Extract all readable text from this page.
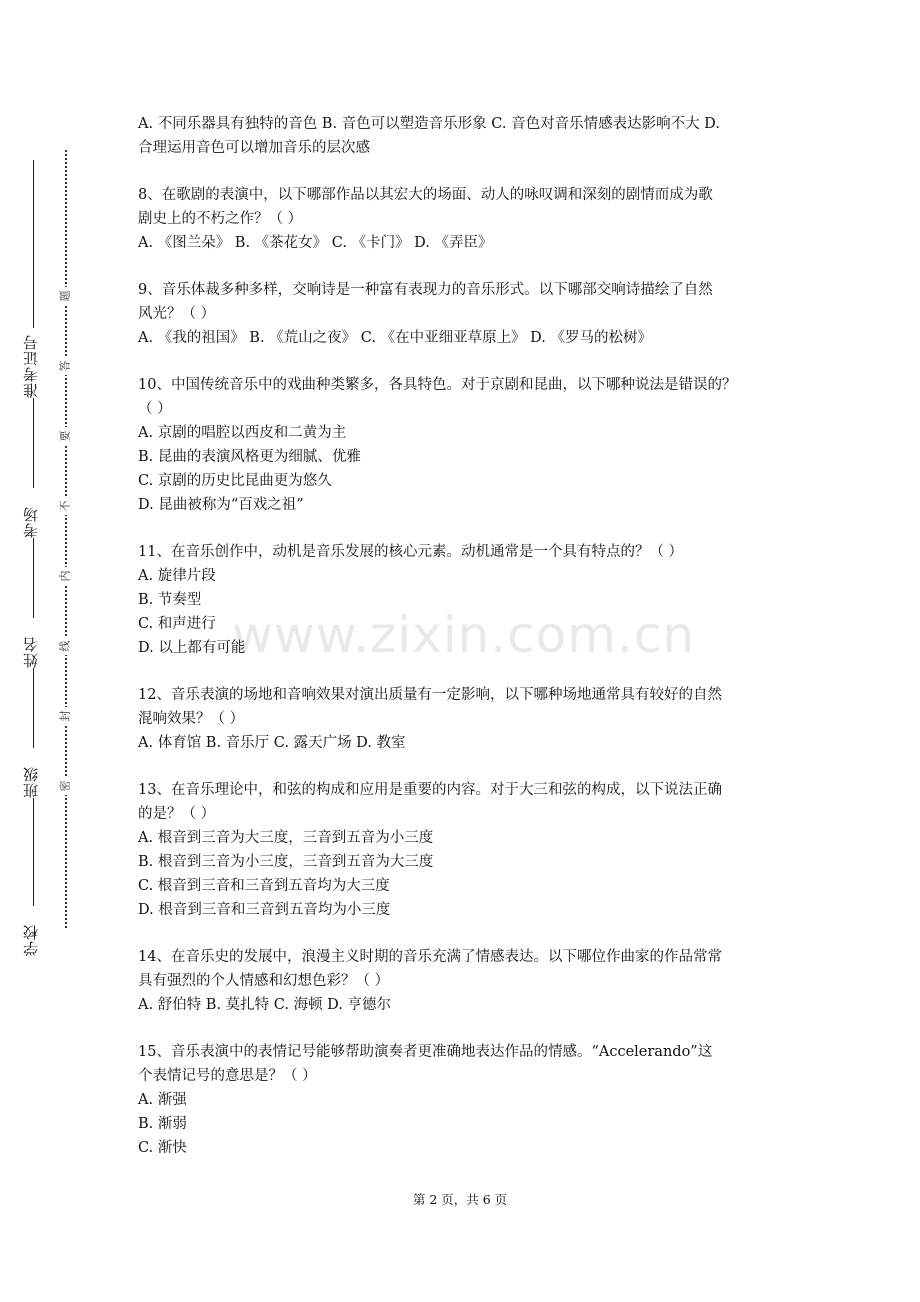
准考证号
考场
姓名
班级
学校
题
答
要
不
内
线
封
密
www.zixin.com.cn
A. 不同乐器具有独特的音色 B. 音色可以塑造音乐形象 C. 音色对音乐情感表达影响不大 D.
合理运用音色可以增加音乐的层次感
8、在歌剧的表演中，以下哪部作品以其宏大的场面、动人的咏叹调和深刻的剧情而成为歌
剧史上的不朽之作？（ ）
A. 《图兰朵》 B. 《茶花女》 C. 《卡门》 D. 《弄臣》
9、音乐体裁多种多样，交响诗是一种富有表现力的音乐形式。以下哪部交响诗描绘了自然
风光？（ ）
A. 《我的祖国》 B. 《荒山之夜》 C. 《在中亚细亚草原上》 D. 《罗马的松树》
10、中国传统音乐中的戏曲种类繁多，各具特色。对于京剧和昆曲，以下哪种说法是错误的？
（ ）
A. 京剧的唱腔以西皮和二黄为主
B. 昆曲的表演风格更为细腻、优雅
C. 京剧的历史比昆曲更为悠久
D. 昆曲被称为“百戏之祖”
11、在音乐创作中，动机是音乐发展的核心元素。动机通常是一个具有特点的？（ ）
A. 旋律片段
B. 节奏型
C. 和声进行
D. 以上都有可能
12、音乐表演的场地和音响效果对演出质量有一定影响，以下哪种场地通常具有较好的自然
混响效果？（ ）
A. 体育馆 B. 音乐厅 C. 露天广场 D. 教室
13、在音乐理论中，和弦的构成和应用是重要的内容。对于大三和弦的构成，以下说法正确
的是？（ ）
A. 根音到三音为大三度，三音到五音为小三度
B. 根音到三音为小三度，三音到五音为大三度
C. 根音到三音和三音到五音均为大三度
D. 根音到三音和三音到五音均为小三度
14、在音乐史的发展中，浪漫主义时期的音乐充满了情感表达。以下哪位作曲家的作品常常
具有强烈的个人情感和幻想色彩？（ ）
A. 舒伯特 B. 莫扎特 C. 海顿 D. 亨德尔
15、音乐表演中的表情记号能够帮助演奏者更准确地表达作品的情感。“Accelerando”这
个表情记号的意思是？（ ）
A. 渐强
B. 渐弱
C. 渐快
第 2 页，共 6 页
